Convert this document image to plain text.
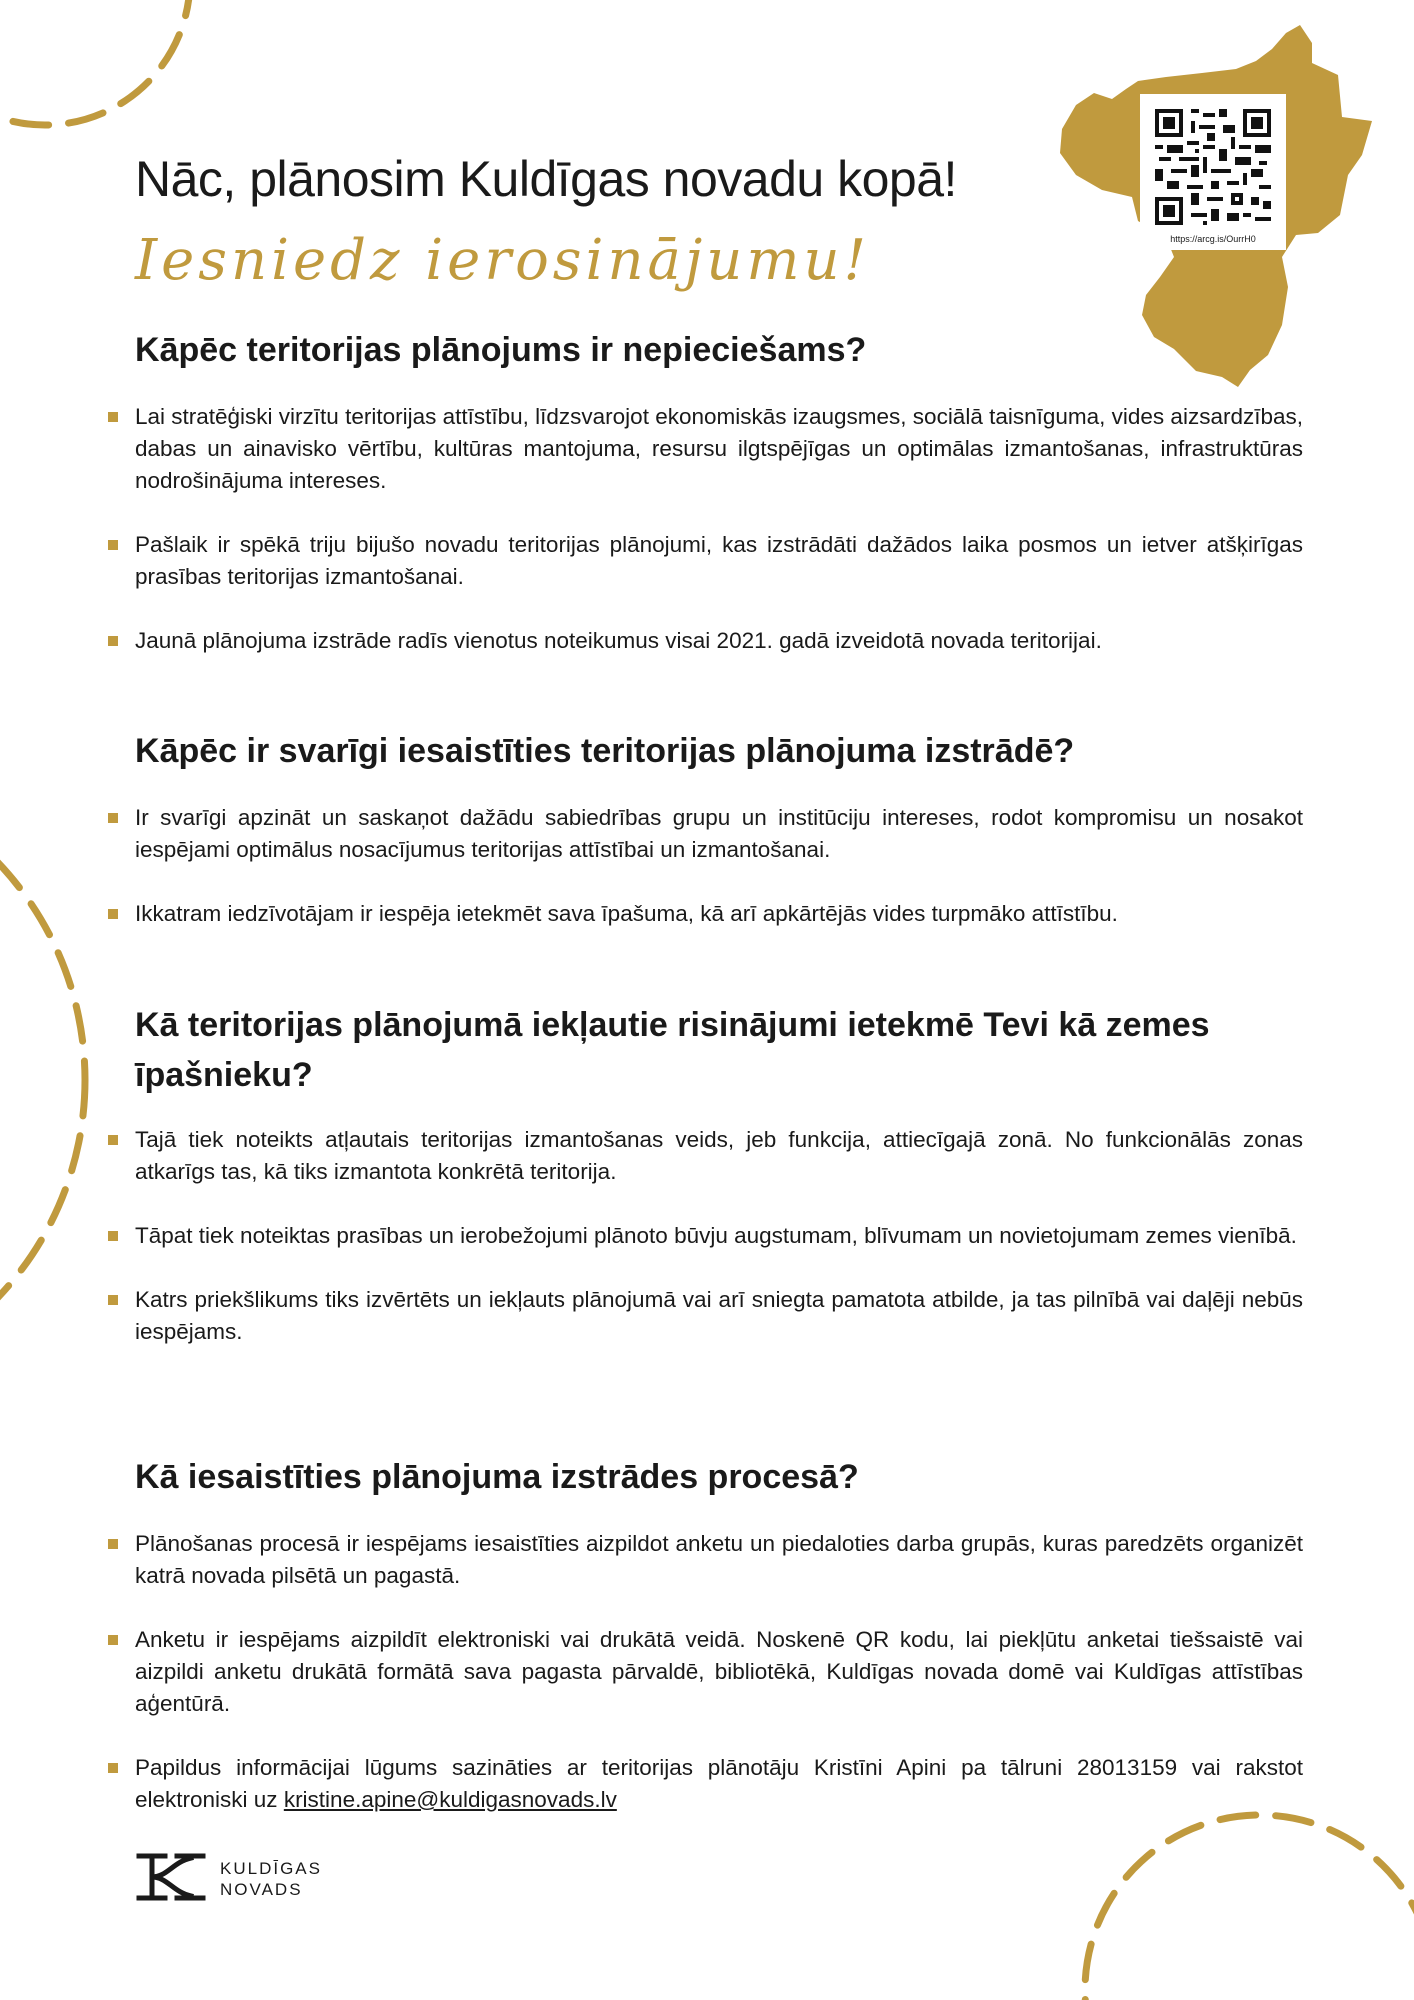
https://arcg.is/OurrH0
Nāc, plānosim Kuldīgas novadu kopā!
Iesniedz ierosinājumu!
Kāpēc teritorijas plānojums ir nepieciešams?
Lai stratēģiski virzītu teritorijas attīstību, līdzsvarojot ekonomiskās izaugsmes, sociālā taisnīguma, vides aizsardzības, dabas un ainavisko vērtību, kultūras mantojuma, resursu ilgtspējīgas un optimālas izmantošanas, infrastruktūras nodrošinājuma intereses.
Pašlaik ir spēkā triju bijušo novadu teritorijas plānojumi, kas izstrādāti dažādos laika posmos un ietver atšķirīgas prasības teritorijas izmantošanai.
Jaunā plānojuma izstrāde radīs vienotus noteikumus visai 2021. gadā izveidotā novada teritorijai.
Kāpēc ir svarīgi iesaistīties teritorijas plānojuma izstrādē?
Ir svarīgi apzināt un saskaņot dažādu sabiedrības grupu un institūciju intereses, rodot kompromisu un nosakot iespējami optimālus nosacījumus teritorijas attīstībai un izmantošanai.
Ikkatram iedzīvotājam ir iespēja ietekmēt sava īpašuma, kā arī apkārtējās vides turpmāko attīstību.
Kā teritorijas plānojumā iekļautie risinājumi ietekmē Tevi kā zemes īpašnieku?
Tajā tiek noteikts atļautais teritorijas izmantošanas veids, jeb funkcija, attiecīgajā zonā. No funkcionālās zonas atkarīgs tas, kā tiks izmantota konkrētā teritorija.
Tāpat tiek noteiktas prasības un ierobežojumi plānoto būvju augstumam, blīvumam un novietojumam zemes vienībā.
Katrs priekšlikums tiks izvērtēts un iekļauts plānojumā vai arī sniegta pamatota atbilde, ja tas pilnībā vai daļēji nebūs iespējams.
Kā iesaistīties plānojuma izstrādes procesā?
Plānošanas procesā ir iespējams iesaistīties aizpildot anketu un piedaloties darba grupās, kuras paredzēts organizēt katrā novada pilsētā un pagastā.
Anketu ir iespējams aizpildīt elektroniski vai drukātā veidā. Noskenē QR kodu, lai piekļūtu anketai tiešsaistē vai aizpildi anketu drukātā formātā sava pagasta pārvaldē, bibliotēkā, Kuldīgas novada domē vai Kuldīgas attīstības aģentūrā.
Papildus informācijai lūgums sazināties ar teritorijas plānotāju Kristīni Apini pa tālruni 28013159 vai rakstot elektroniski uz kristine.apine@kuldigasnovads.lv
KULDĪGAS
NOVADS
